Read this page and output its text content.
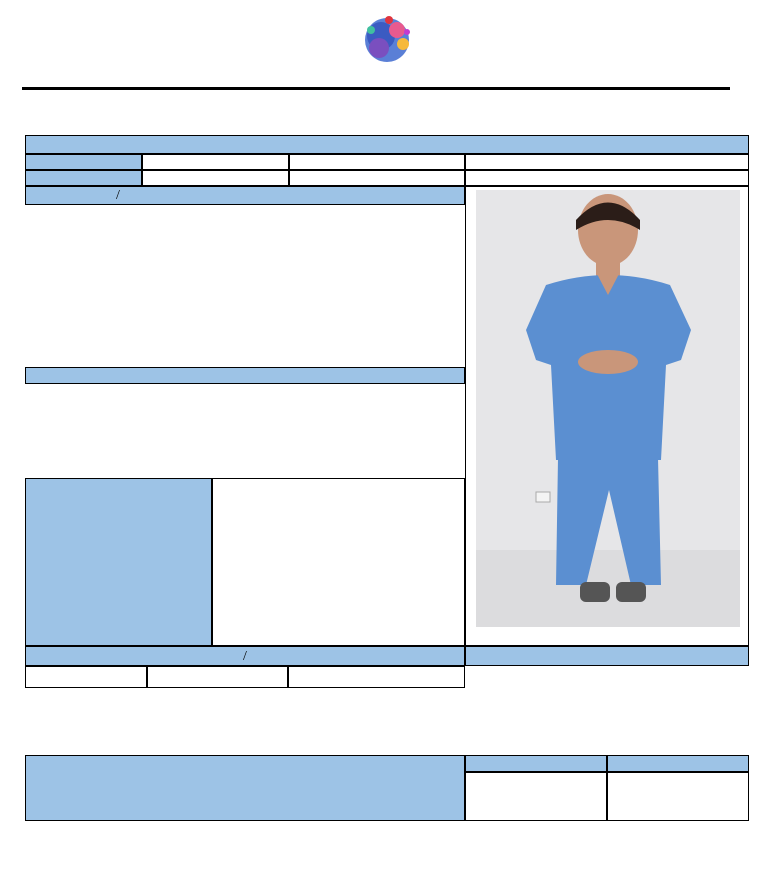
/
/
